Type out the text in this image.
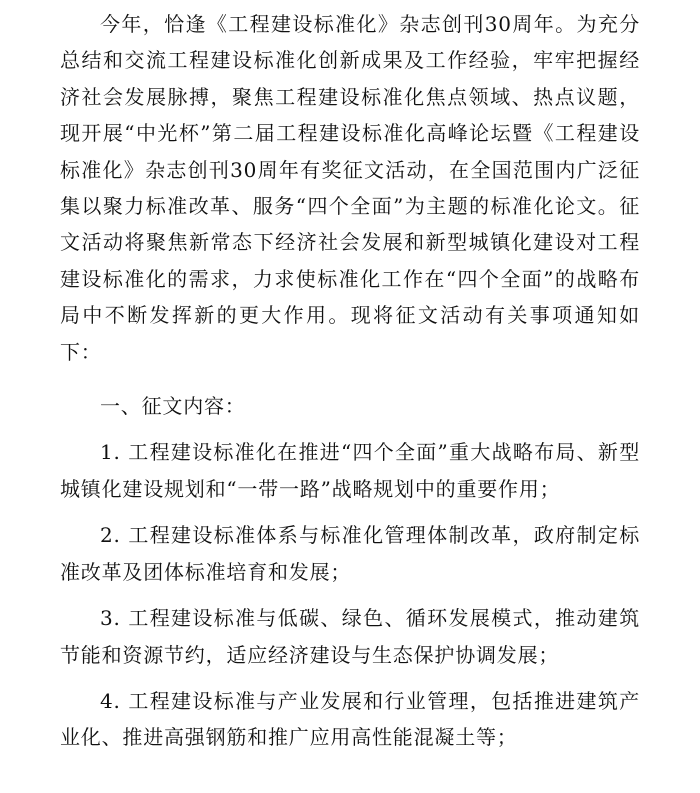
今年，恰逢《工程建设标准化》杂志创刊30周年。为充分总结和交流工程建设标准化创新成果及工作经验，牢牢把握经济社会发展脉搏，聚焦工程建设标准化焦点领域、热点议题，现开展“中光杯”第二届工程建设标准化高峰论坛暨《工程建设标准化》杂志创刊30周年有奖征文活动，在全国范围内广泛征集以聚力标准改革、服务“四个全面”为主题的标准化论文。征文活动将聚焦新常态下经济社会发展和新型城镇化建设对工程建设标准化的需求，力求使标准化工作在“四个全面”的战略布局中不断发挥新的更大作用。现将征文活动有关事项通知如下：

一、征文内容：

1. 工程建设标准化在推进“四个全面”重大战略布局、新型城镇化建设规划和“一带一路”战略规划中的重要作用；

2. 工程建设标准体系与标准化管理体制改革，政府制定标准改革及团体标准培育和发展；

3. 工程建设标准与低碳、绿色、循环发展模式，推动建筑节能和资源节约，适应经济建设与生态保护协调发展；

4. 工程建设标准与产业发展和行业管理，包括推进建筑产业化、推进高强钢筋和推广应用高性能混凝土等；
